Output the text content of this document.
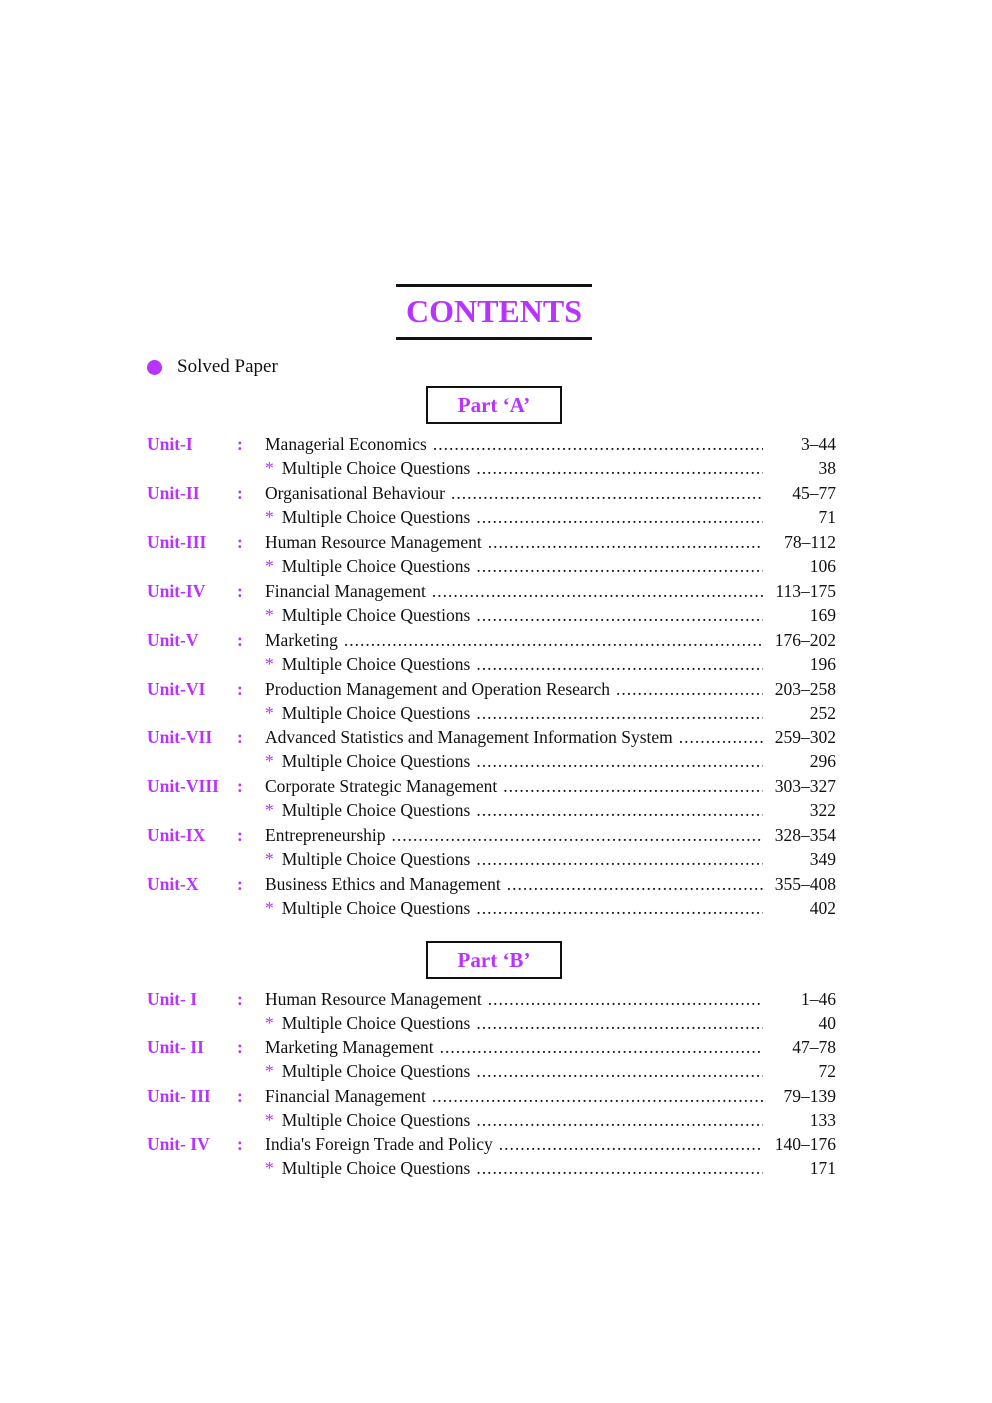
CONTENTS
Solved Paper
Part ‘A’
Unit-I	: Managerial Economics .....	3–44
* Multiple Choice Questions .....	38
Unit-II : Organisational Behaviour .....	45–77
* Multiple Choice Questions .....	71
Unit-III : Human Resource Management .....	78–112
* Multiple Choice Questions .....	106
Unit-IV : Financial Management .....	113–175
* Multiple Choice Questions .....	169
Unit-V : Marketing .....	176–202
* Multiple Choice Questions .....	196
Unit-VI : Production Management and Operation Research .....	203–258
* Multiple Choice Questions .....	252
Unit-VII : Advanced Statistics and Management Information System .....	259–302
* Multiple Choice Questions .....	296
Unit-VIII : Corporate Strategic Management .....	303–327
* Multiple Choice Questions .....	322
Unit-IX : Entrepreneurship .....	328–354
* Multiple Choice Questions .....	349
Unit-X : Business Ethics and Management .....	355–408
* Multiple Choice Questions .....	402
Part ‘B’
Unit- I : Human Resource Management .....	1–46
* Multiple Choice Questions .....	40
Unit- II : Marketing Management .....	47–78
* Multiple Choice Questions .....	72
Unit- III : Financial Management .....	79–139
* Multiple Choice Questions .....	133
Unit- IV : India's Foreign Trade and Policy .....	140–176
* Multiple Choice Questions .....	171
